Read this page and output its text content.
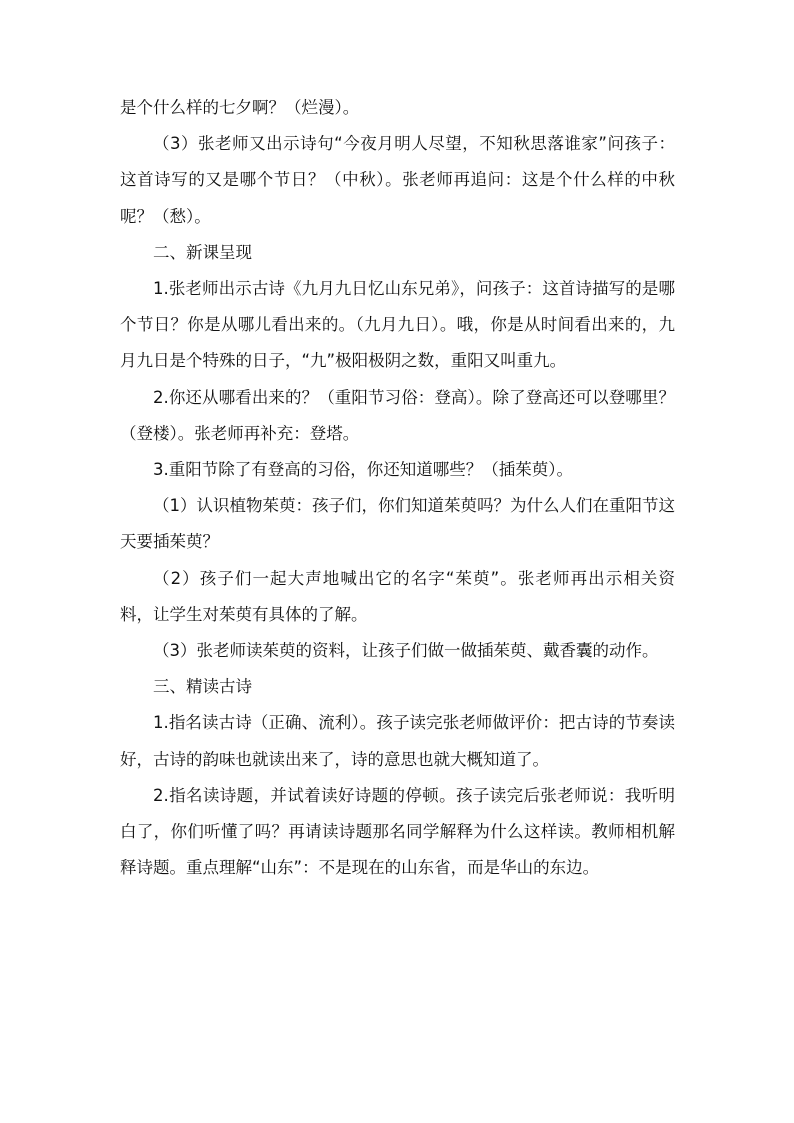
是个什么样的七夕啊？（烂漫）。

（3）张老师又出示诗句“今夜月明人尽望，不知秋思落谁家”问孩子：这首诗写的又是哪个节日？（中秋）。张老师再追问：这是个什么样的中秋呢？（愁）。

二、新课呈现

1.张老师出示古诗《九月九日忆山东兄弟》，问孩子：这首诗描写的是哪个节日？你是从哪儿看出来的。（九月九日）。哦，你是从时间看出来的，九月九日是个特殊的日子，“九”极阳极阴之数，重阳又叫重九。

2.你还从哪看出来的？（重阳节习俗：登高）。除了登高还可以登哪里？（登楼）。张老师再补充：登塔。

3.重阳节除了有登高的习俗，你还知道哪些？（插茱萸）。

（1）认识植物茱萸：孩子们，你们知道茱萸吗？为什么人们在重阳节这天要插茱萸？

（2）孩子们一起大声地喊出它的名字“茱萸”。张老师再出示相关资料，让学生对茱萸有具体的了解。

（3）张老师读茱萸的资料，让孩子们做一做插茱萸、戴香囊的动作。

三、精读古诗

1.指名读古诗（正确、流利）。孩子读完张老师做评价：把古诗的节奏读好，古诗的韵味也就读出来了，诗的意思也就大概知道了。

2.指名读诗题，并试着读好诗题的停顿。孩子读完后张老师说：我听明白了，你们听懂了吗？再请读诗题那名同学解释为什么这样读。教师相机解释诗题。重点理解“山东”：不是现在的山东省，而是华山的东边。
